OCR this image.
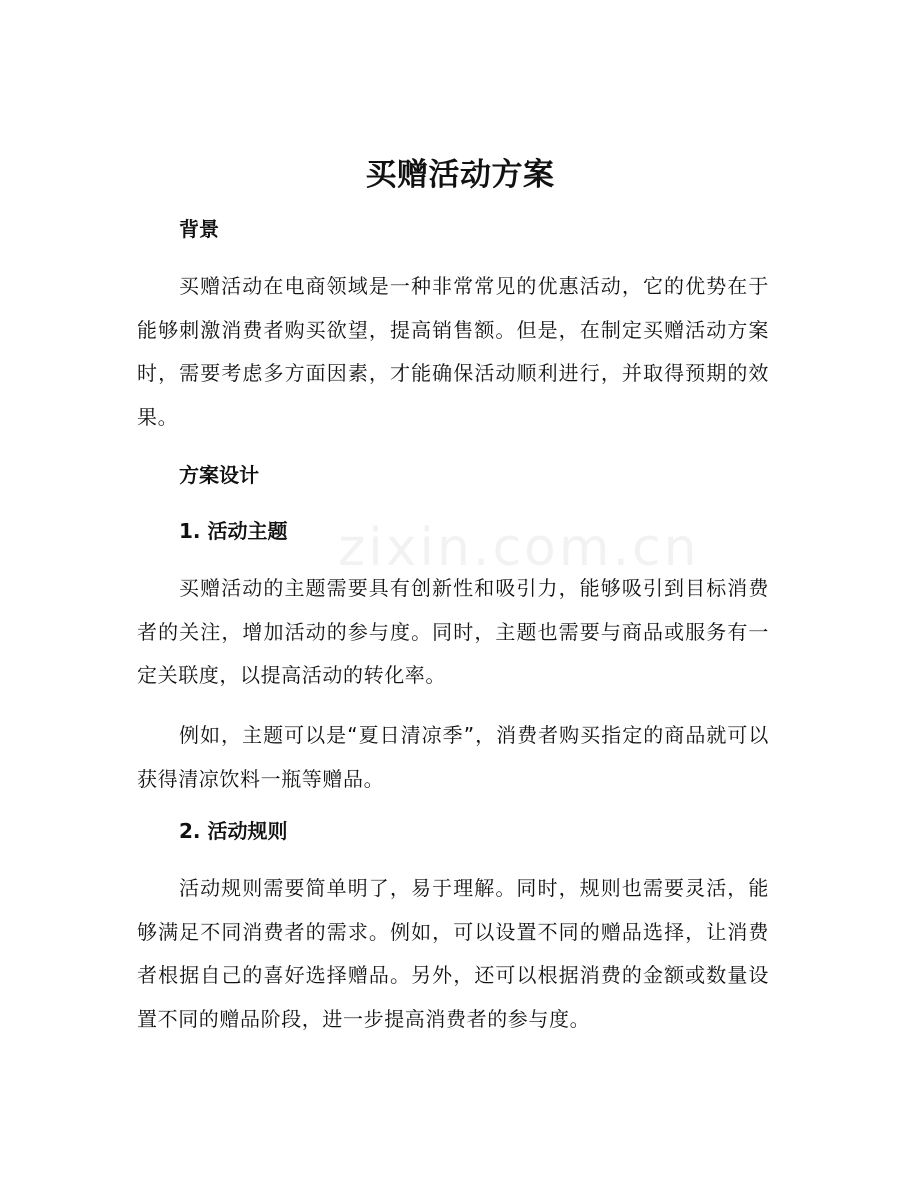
zixin.com.cn
买赠活动方案
背景

买赠活动在电商领域是一种非常常见的优惠活动，它的优势在于能够刺激消费者购买欲望，提高销售额。但是，在制定买赠活动方案时，需要考虑多方面因素，才能确保活动顺利进行，并取得预期的效果。

方案设计
1. 活动主题

买赠活动的主题需要具有创新性和吸引力，能够吸引到目标消费者的关注，增加活动的参与度。同时，主题也需要与商品或服务有一定关联度，以提高活动的转化率。

例如，主题可以是“夏日清凉季”，消费者购买指定的商品就可以获得清凉饮料一瓶等赠品。

2. 活动规则

活动规则需要简单明了，易于理解。同时，规则也需要灵活，能够满足不同消费者的需求。例如，可以设置不同的赠品选择，让消费者根据自己的喜好选择赠品。另外，还可以根据消费的金额或数量设置不同的赠品阶段，进一步提高消费者的参与度。
